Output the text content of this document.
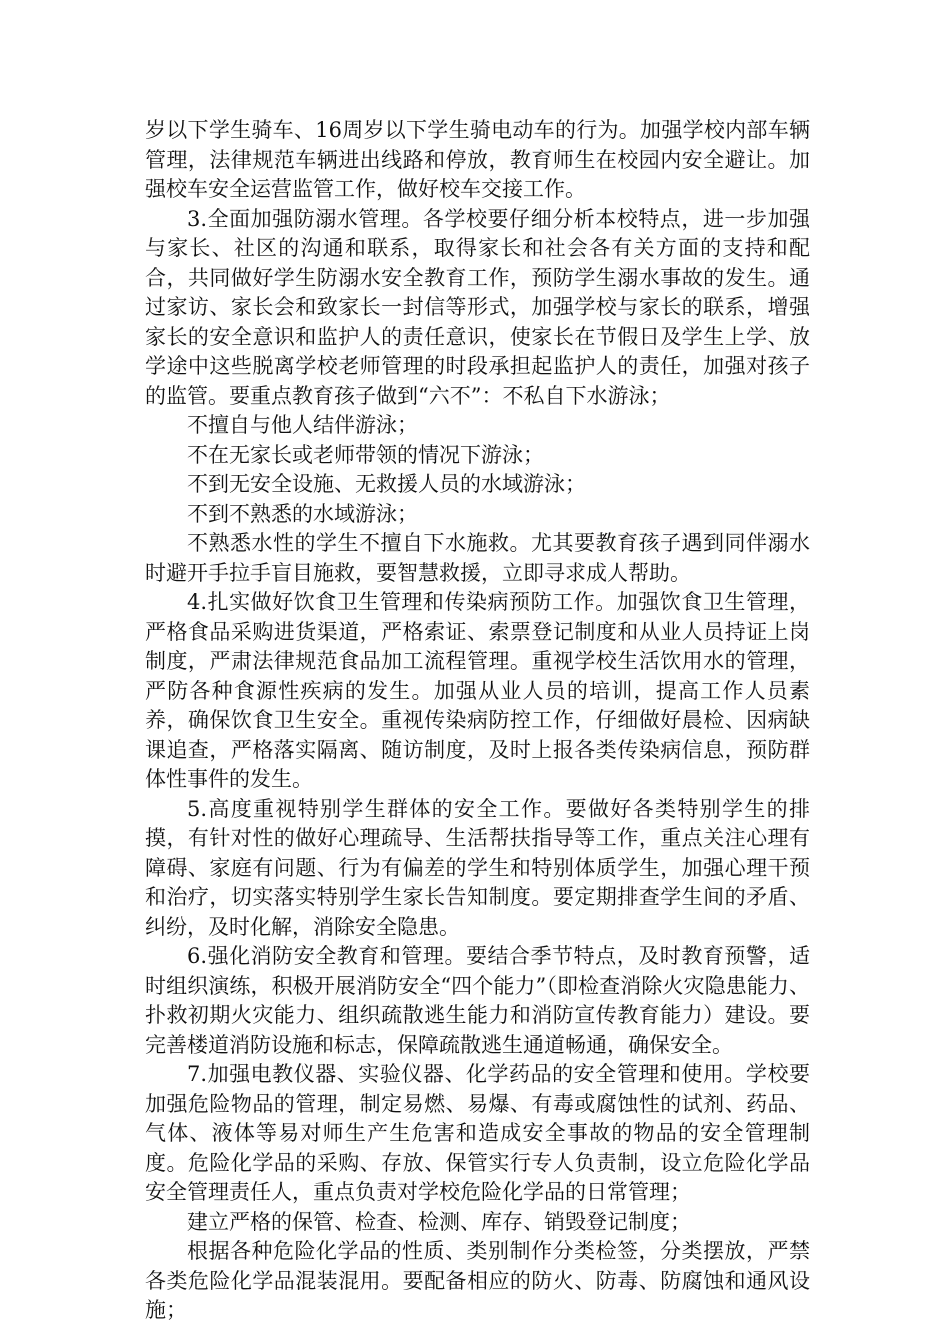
岁以下学生骑车、16周岁以下学生骑电动车的行为。加强学校内部车辆管理，法律规范车辆进出线路和停放，教育师生在校园内安全避让。加强校车安全运营监管工作，做好校车交接工作。

3.全面加强防溺水管理。各学校要仔细分析本校特点，进一步加强与家长、社区的沟通和联系，取得家长和社会各有关方面的支持和配合，共同做好学生防溺水安全教育工作，预防学生溺水事故的发生。通过家访、家长会和致家长一封信等形式，加强学校与家长的联系，增强家长的安全意识和监护人的责任意识，使家长在节假日及学生上学、放学途中这些脱离学校老师管理的时段承担起监护人的责任，加强对孩子的监管。要重点教育孩子做到“六不”：不私自下水游泳；

不擅自与他人结伴游泳；

不在无家长或老师带领的情况下游泳；

不到无安全设施、无救援人员的水域游泳；

不到不熟悉的水域游泳；

不熟悉水性的学生不擅自下水施救。尤其要教育孩子遇到同伴溺水时避开手拉手盲目施救，要智慧救援，立即寻求成人帮助。

4.扎实做好饮食卫生管理和传染病预防工作。加强饮食卫生管理，严格食品采购进货渠道，严格索证、索票登记制度和从业人员持证上岗制度，严肃法律规范食品加工流程管理。重视学校生活饮用水的管理，严防各种食源性疾病的发生。加强从业人员的培训，提高工作人员素养，确保饮食卫生安全。重视传染病防控工作，仔细做好晨检、因病缺课追查，严格落实隔离、随访制度，及时上报各类传染病信息，预防群体性事件的发生。

5.高度重视特别学生群体的安全工作。要做好各类特别学生的排摸，有针对性的做好心理疏导、生活帮扶指导等工作，重点关注心理有障碍、家庭有问题、行为有偏差的学生和特别体质学生，加强心理干预和治疗，切实落实特别学生家长告知制度。要定期排查学生间的矛盾、纠纷，及时化解，消除安全隐患。

6.强化消防安全教育和管理。要结合季节特点，及时教育预警，适时组织演练，积极开展消防安全“四个能力”（即检查消除火灾隐患能力、扑救初期火灾能力、组织疏散逃生能力和消防宣传教育能力）建设。要完善楼道消防设施和标志，保障疏散逃生通道畅通，确保安全。

7.加强电教仪器、实验仪器、化学药品的安全管理和使用。学校要加强危险物品的管理，制定易燃、易爆、有毒或腐蚀性的试剂、药品、气体、液体等易对师生产生危害和造成安全事故的物品的安全管理制度。危险化学品的采购、存放、保管实行专人负责制，设立危险化学品安全管理责任人，重点负责对学校危险化学品的日常管理；

建立严格的保管、检查、检测、库存、销毁登记制度；

根据各种危险化学品的性质、类别制作分类检签，分类摆放，严禁各类危险化学品混装混用。要配备相应的防火、防毒、防腐蚀和通风设施；
